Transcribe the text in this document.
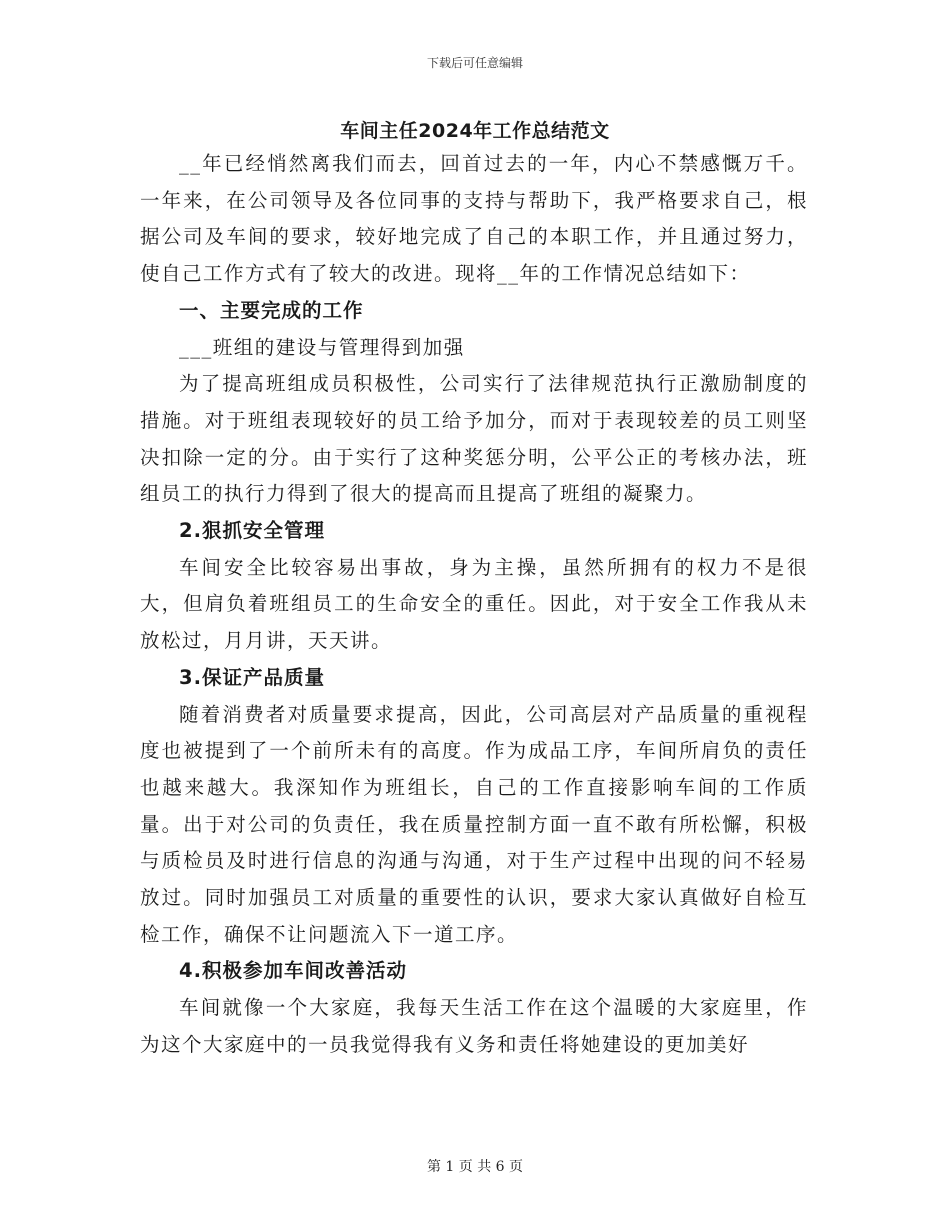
下载后可任意编辑
车间主任2024年工作总结范文

__年已经悄然离我们而去，回首过去的一年，内心不禁感慨万千。一年来，在公司领导及各位同事的支持与帮助下，我严格要求自己，根据公司及车间的要求，较好地完成了自己的本职工作，并且通过努力，使自己工作方式有了较大的改进。现将__年的工作情况总结如下：

一、主要完成的工作

___班组的建设与管理得到加强

为了提高班组成员积极性，公司实行了法律规范执行正激励制度的措施。对于班组表现较好的员工给予加分，而对于表现较差的员工则坚决扣除一定的分。由于实行了这种奖惩分明，公平公正的考核办法，班组员工的执行力得到了很大的提高而且提高了班组的凝聚力。

2.狠抓安全管理

车间安全比较容易出事故，身为主操，虽然所拥有的权力不是很大，但肩负着班组员工的生命安全的重任。因此，对于安全工作我从未放松过，月月讲，天天讲。

3.保证产品质量

随着消费者对质量要求提高，因此，公司高层对产品质量的重视程度也被提到了一个前所未有的高度。作为成品工序，车间所肩负的责任也越来越大。我深知作为班组长，自己的工作直接影响车间的工作质量。出于对公司的负责任，我在质量控制方面一直不敢有所松懈，积极与质检员及时进行信息的沟通与沟通，对于生产过程中出现的问不轻易放过。同时加强员工对质量的重要性的认识，要求大家认真做好自检互检工作，确保不让问题流入下一道工序。

4.积极参加车间改善活动

车间就像一个大家庭，我每天生活工作在这个温暖的大家庭里，作为这个大家庭中的一员我觉得我有义务和责任将她建设的更加美好

第 1 页 共 6 页
